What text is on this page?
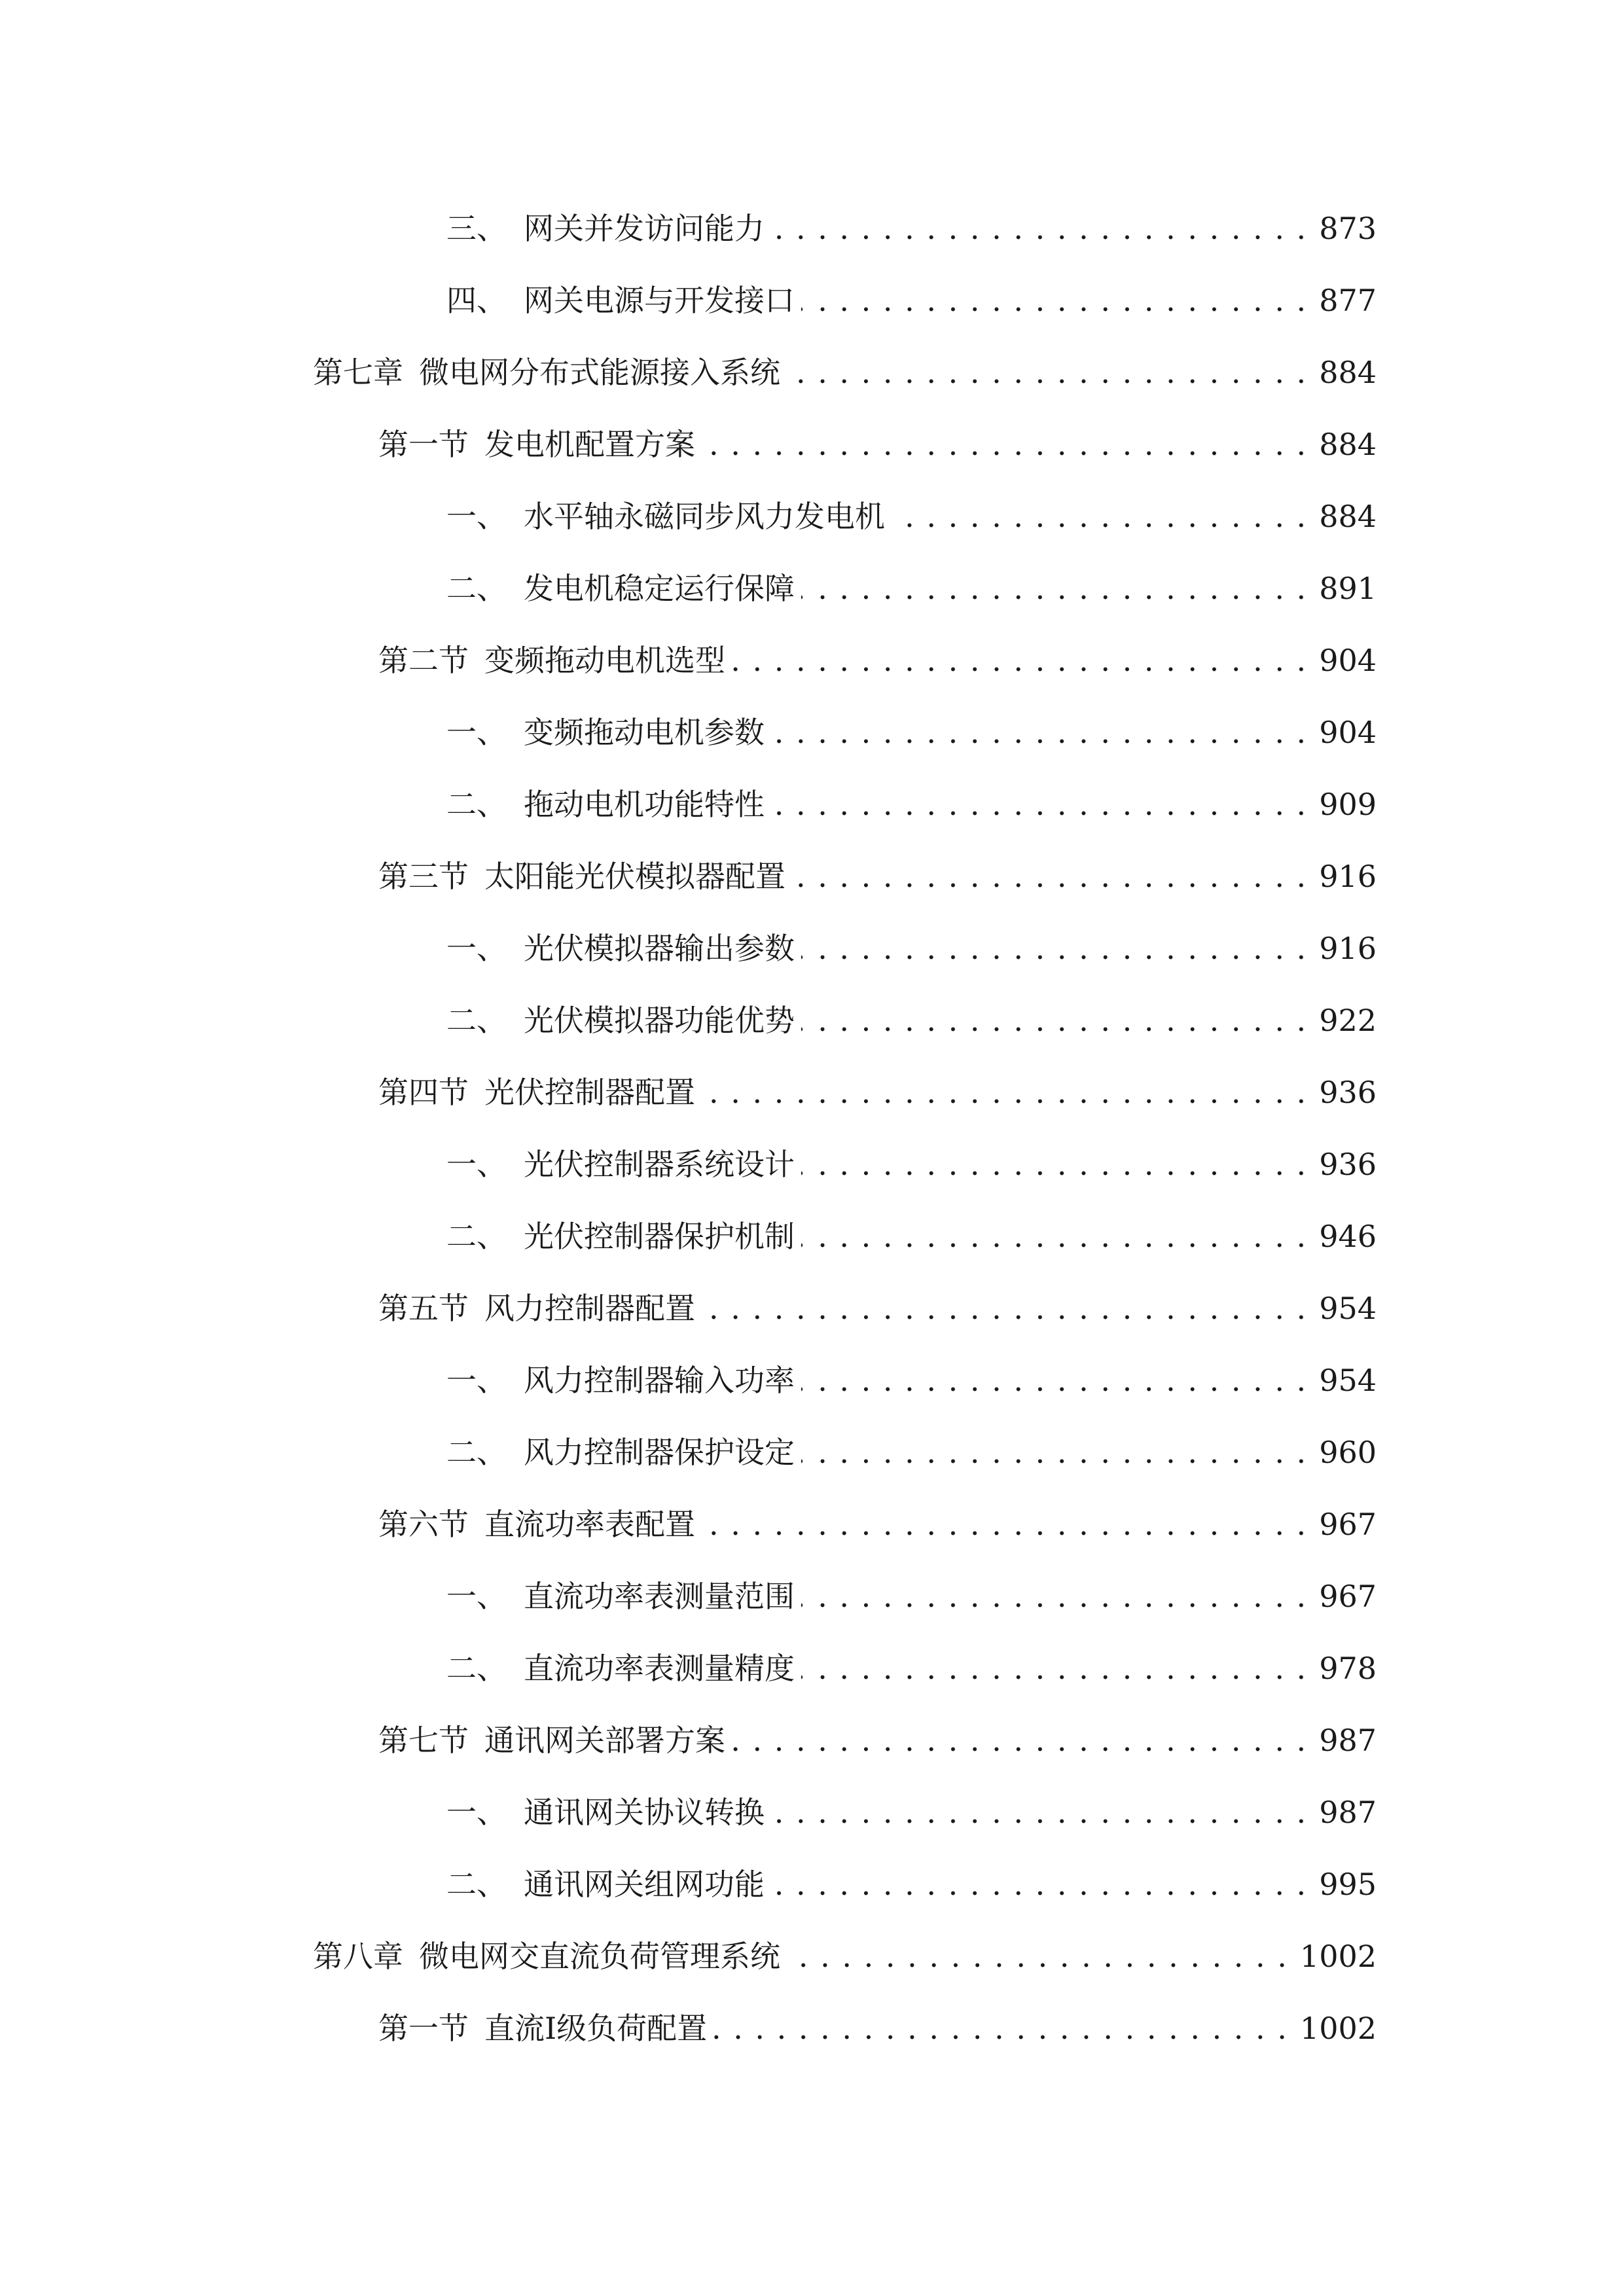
三、 网关并发访问能力 . . .	873
四、 网关电源与开发接口 . . .	877
第七章 微电网分布式能源接入系统 . . .	884
第一节 发电机配置方案 . . .	884
一、 水平轴永磁同步风力发电机 . . .	884
二、 发电机稳定运行保障 . . .	891
第二节 变频拖动电机选型 . . .	904
一、 变频拖动电机参数 . . .	904
二、 拖动电机功能特性 . . .	909
第三节 太阳能光伏模拟器配置 . . .	916
一、 光伏模拟器输出参数 . . .	916
二、 光伏模拟器功能优势 . . .	922
第四节 光伏控制器配置 . . .	936
一、 光伏控制器系统设计 . . .	936
二、 光伏控制器保护机制 . . .	946
第五节 风力控制器配置 . . .	954
一、 风力控制器输入功率 . . .	954
二、 风力控制器保护设定 . . .	960
第六节 直流功率表配置 . . .	967
一、 直流功率表测量范围 . . .	967
二、 直流功率表测量精度 . . .	978
第七节 通讯网关部署方案 . . .	987
一、 通讯网关协议转换 . . .	987
二、 通讯网关组网功能 . . .	995
第八章 微电网交直流负荷管理系统 . . .	1002
第一节 直流Ⅰ级负荷配置 . . .	1002
